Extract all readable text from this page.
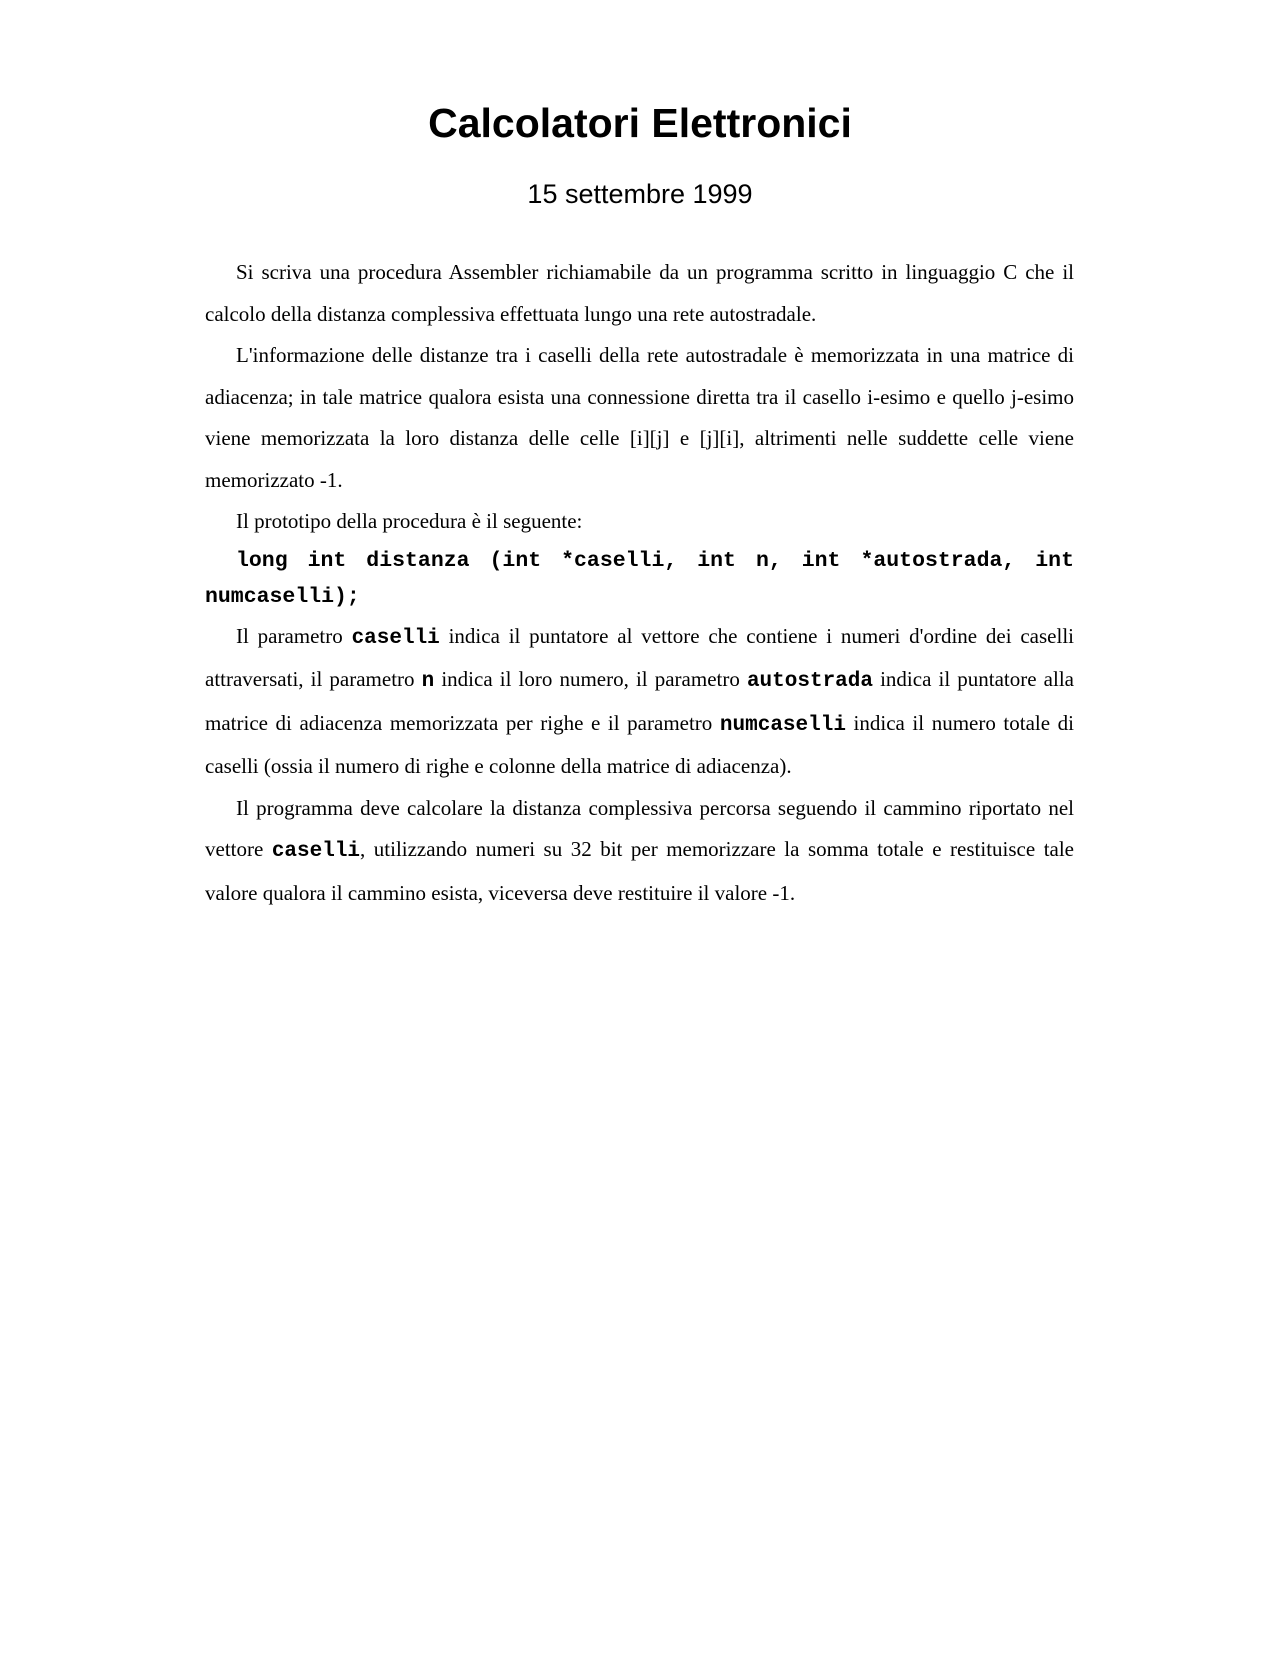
Calcolatori Elettronici
15 settembre 1999

Si scriva una procedura Assembler richiamabile da un programma scritto in linguaggio C che il calcolo della distanza complessiva effettuata lungo una rete autostradale.

L'informazione delle distanze tra i caselli della rete autostradale è memorizzata in una matrice di adiacenza; in tale matrice qualora esista una connessione diretta tra il casello i-esimo e quello j-esimo viene memorizzata la loro distanza delle celle [i][j] e [j][i], altrimenti nelle suddette celle viene memorizzato -1.

Il prototipo della procedura è il seguente:

long int distanza (int *caselli, int n, int *autostrada, int numcaselli);

Il parametro caselli indica il puntatore al vettore che contiene i numeri d'ordine dei caselli attraversati, il parametro n indica il loro numero, il parametro autostrada indica il puntatore alla matrice di adiacenza memorizzata per righe e il parametro numcaselli indica il numero totale di caselli (ossia il numero di righe e colonne della matrice di adiacenza).

Il programma deve calcolare la distanza complessiva percorsa seguendo il cammino riportato nel vettore caselli, utilizzando numeri su 32 bit per memorizzare la somma totale e restituisce tale valore qualora il cammino esista, viceversa deve restituire il valore -1.
